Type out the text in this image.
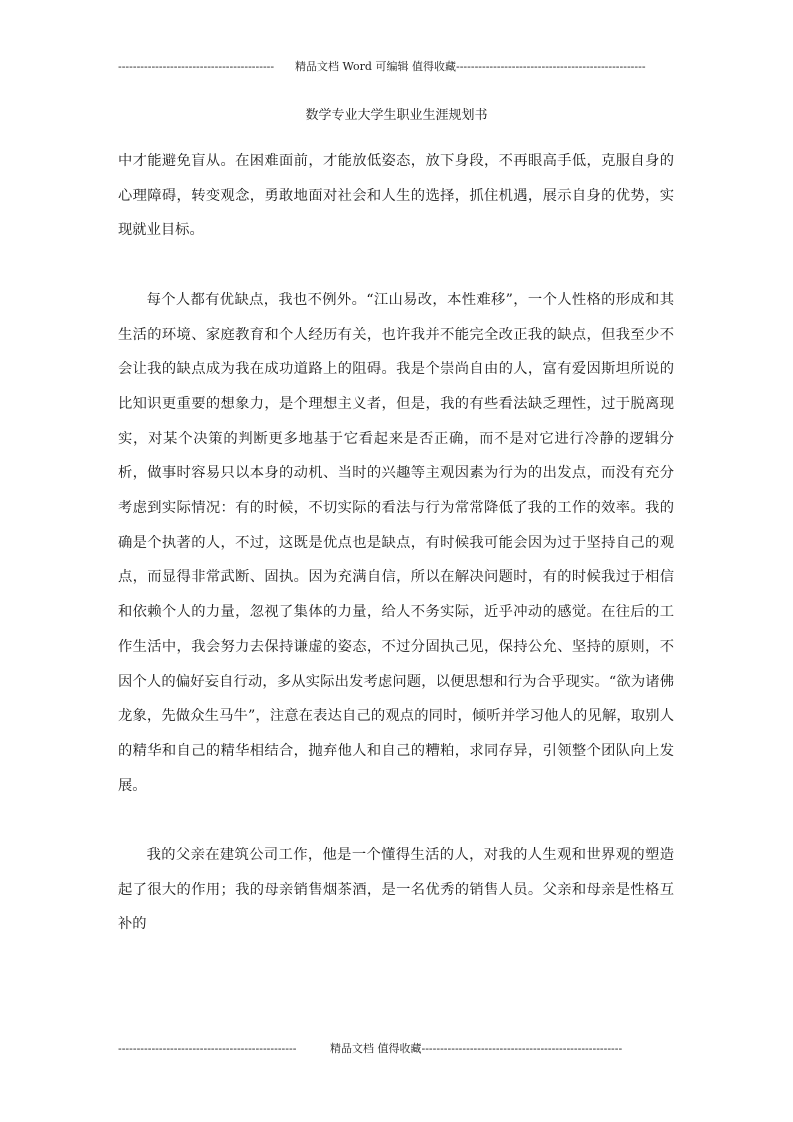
------------------------------------------ 精品文档 Word 可编辑 值得收藏---------------------------------------------------
数学专业大学生职业生涯规划书

中才能避免盲从。在困难面前，才能放低姿态，放下身段，不再眼高手低，克服自身的心理障碍，转变观念，勇敢地面对社会和人生的选择，抓住机遇，展示自身的优势，实现就业目标。

每个人都有优缺点，我也不例外。“江山易改，本性难移”，一个人性格的形成和其生活的环境、家庭教育和个人经历有关，也许我并不能完全改正我的缺点，但我至少不会让我的缺点成为我在成功道路上的阻碍。我是个崇尚自由的人，富有爱因斯坦所说的比知识更重要的想象力，是个理想主义者，但是，我的有些看法缺乏理性，过于脱离现实，对某个决策的判断更多地基于它看起来是否正确，而不是对它进行冷静的逻辑分析，做事时容易只以本身的动机、当时的兴趣等主观因素为行为的出发点，而没有充分考虑到实际情况：有的时候，不切实际的看法与行为常常降低了我的工作的效率。我的确是个执著的人，不过，这既是优点也是缺点，有时候我可能会因为过于坚持自己的观点，而显得非常武断、固执。因为充满自信，所以在解决问题时，有的时候我过于相信和依赖个人的力量，忽视了集体的力量，给人不务实际，近乎冲动的感觉。在往后的工作生活中，我会努力去保持谦虚的姿态，不过分固执己见，保持公允、坚持的原则，不因个人的偏好妄自行动，多从实际出发考虑问题，以便思想和行为合乎现实。“欲为诸佛龙象，先做众生马牛”，注意在表达自己的观点的同时，倾听并学习他人的见解，取别人的精华和自己的精华相结合，抛弃他人和自己的糟粕，求同存异，引领整个团队向上发展。

我的父亲在建筑公司工作，他是一个懂得生活的人，对我的人生观和世界观的塑造起了很大的作用；我的母亲销售烟茶酒，是一名优秀的销售人员。父亲和母亲是性格互补的

------------------------------------------------	精品文档 值得收藏------------------------------------------------------
